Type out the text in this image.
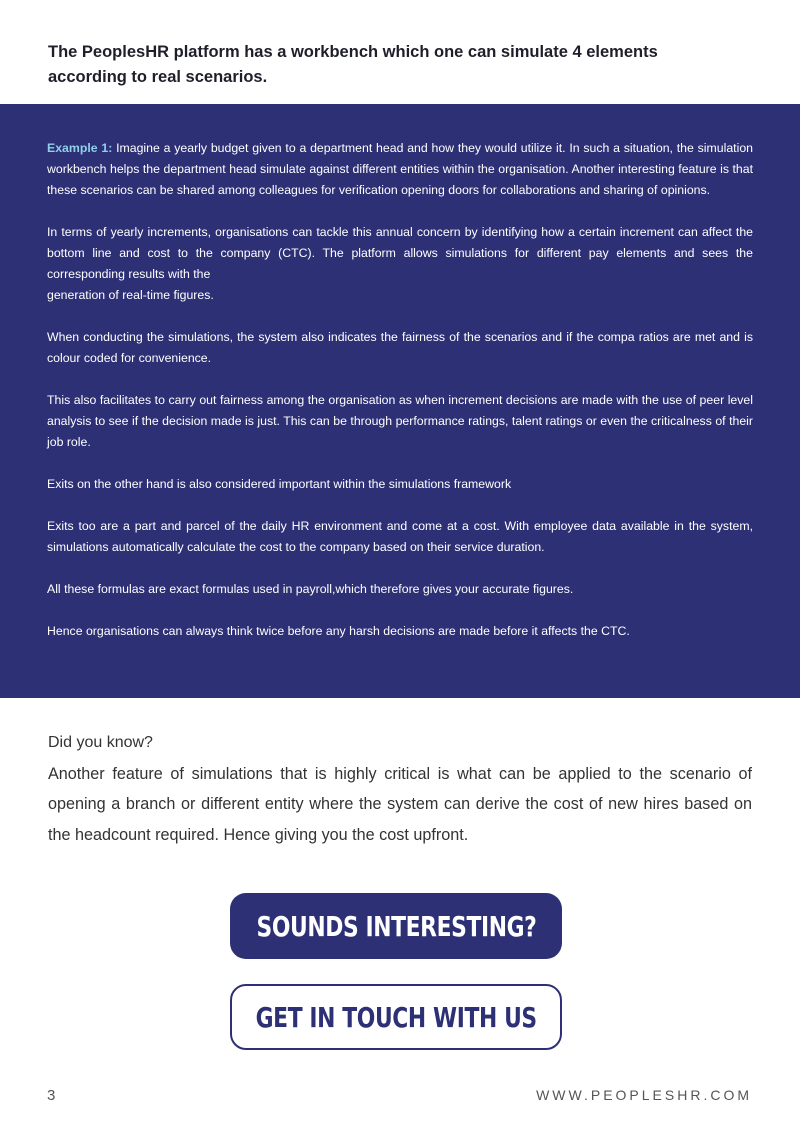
The PeoplesHR platform has a workbench which one can simulate 4 elements according to real scenarios.

Example 1: Imagine a yearly budget given to a department head and how they would utilize it. In such a situation, the simulation workbench helps the department head simulate against different entities within the organisation. Another interesting feature is that these scenarios can be shared among colleagues for verification opening doors for collaborations and sharing of opinions.

In terms of yearly increments, organisations can tackle this annual concern by identifying how a certain increment can affect the bottom line and cost to the company (CTC). The platform allows simulations for different pay elements and sees the corresponding results with the
generation of real-time figures.

When conducting the simulations, the system also indicates the fairness of the scenarios and if the compa ratios are met and is colour coded for convenience.

This also facilitates to carry out fairness among the organisation as when increment decisions are made with the use of peer level analysis to see if the decision made is just. This can be through performance ratings, talent ratings or even the criticalness of their job role.

Exits on the other hand is also considered important within the simulations framework

Exits too are a part and parcel of the daily HR environment and come at a cost. With employee data available in the system, simulations automatically calculate the cost to the company based on their service duration.

All these formulas are exact formulas used in payroll,which therefore gives your accurate figures.

Hence organisations can always think twice before any harsh decisions are made before it affects the CTC.

Did you know?
Another feature of simulations that is highly critical is what can be applied to the scenario of opening a branch or different entity where the system can derive the cost of new hires based on the headcount required. Hence giving you the cost upfront.
SOUNDS INTERESTING?
GET IN TOUCH WITH US
3	WWW.PEOPLESHR.COM
